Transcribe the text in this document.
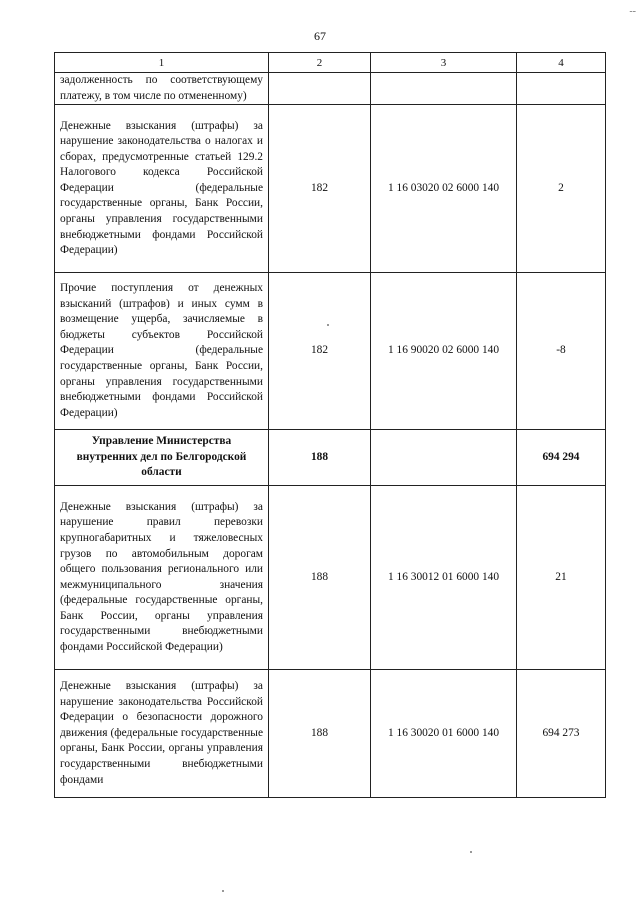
--
67
1	2	3	4
задолженность по соответствующему платежу, в том числе по отмененному)			
Денежные взыскания (штрафы) за нарушение законодательства о налогах и сборах, предусмотренные статьей 129.2 Налогового кодекса Российской Федерации (федеральные государственные органы, Банк России, органы управления государственными внебюджетными фондами Российской Федерации)	182	1 16 03020 02 6000 140	2
Прочие поступления от денежных взысканий (штрафов) и иных сумм в возмещение ущерба, зачисляемые в бюджеты субъектов Российской Федерации (федеральные государственные органы, Банк России, органы управления государственными внебюджетными фондами Российской Федерации)	182	1 16 90020 02 6000 140	-8
Управление Министерства внутренних дел по Белгородской области	188		694 294
Денежные взыскания (штрафы) за нарушение правил перевозки крупногабаритных и тяжеловесных грузов по автомобильным дорогам общего пользования регионального или межмуниципального значения (федеральные государственные органы, Банк России, органы управления государственными внебюджетными фондами Российской Федерации)	188	1 16 30012 01 6000 140	21
Денежные взыскания (штрафы) за нарушение законодательства Российской Федерации о безопасности дорожного движения (федеральные государственные органы, Банк России, органы управления государственными внебюджетными фондами	188	1 16 30020 01 6000 140	694 273
